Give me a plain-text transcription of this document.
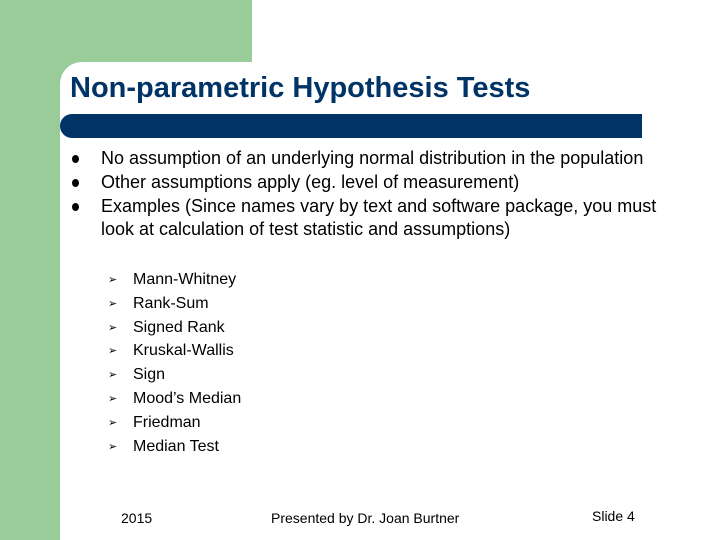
Non-parametric Hypothesis Tests
No assumption of an underlying normal distribution in the population
Other assumptions apply (eg. level of measurement)
Examples (Since names vary by text and software package, you must look at calculation of test statistic and assumptions)
➢ Mann-Whitney
➢ Rank-Sum
➢ Signed Rank
➢ Kruskal-Wallis
➢ Sign
➢ Mood’s Median
➢ Friedman
➢ Median Test
2015	Presented by Dr. Joan Burtner	Slide 4
